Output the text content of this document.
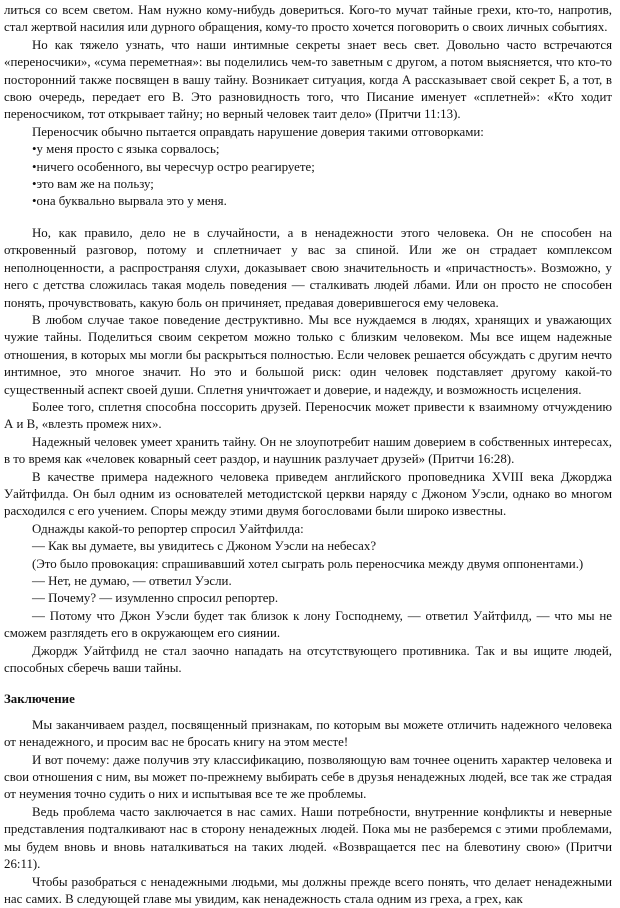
литься со всем светом. Нам нужно кому-нибудь довериться. Кого-то мучат тайные грехи, кто-то, напротив, стал жертвой насилия или дурного обращения, кому-то просто хочется поговорить о своих личных событиях.

Но как тяжело узнать, что наши интимные секреты знает весь свет. Довольно часто встречаются «переносчики», «сума переметная»: вы поделились чем-то заветным с другом, а потом выясняется, что кто-то посторонний также посвящен в вашу тайну. Возникает ситуация, когда А рассказывает свой секрет Б, а тот, в свою очередь, передает его В. Это разновидность того, что Писание именует «сплетней»: «Кто ходит переносчиком, тот открывает тайну; но верный человек таит дело» (Притчи 11:13).

Переносчик обычно пытается оправдать нарушение доверия такими отговорками:

•у меня просто с языка сорвалось;

•ничего особенного, вы чересчур остро реагируете;

•это вам же на пользу;

•она буквально вырвала это у меня.

Но, как правило, дело не в случайности, а в ненадежности этого человека. Он не способен на откровенный разговор, потому и сплетничает у вас за спиной. Или же он страдает комплексом неполноценности, а распространяя слухи, доказывает свою значительность и «причастность». Возможно, у него с детства сложилась такая модель поведения — сталкивать людей лбами. Или он просто не способен понять, прочувствовать, какую боль он причиняет, предавая доверившегося ему человека.

В любом случае такое поведение деструктивно. Мы все нуждаемся в людях, хранящих и уважающих чужие тайны. Поделиться своим секретом можно только с близким человеком. Мы все ищем надежные отношения, в которых мы могли бы раскрыться полностью. Если человек решается обсуждать с другим нечто интимное, это многое значит. Но это и большой риск: один человек подставляет другому какой-то существенный аспект своей души. Сплетня уничтожает и доверие, и надежду, и возможность исцеления.

Более того, сплетня способна поссорить друзей. Переносчик может привести к взаимному отчуждению А и В, «влезть промеж них».

Надежный человек умеет хранить тайну. Он не злоупотребит нашим доверием в собственных интересах, в то время как «человек коварный сеет раздор, и наушник разлучает друзей» (Притчи 16:28).

В качестве примера надежного человека приведем английского проповедника XVIII века Джорджа Уайтфилда. Он был одним из основателей методистской церкви наряду с Джоном Уэсли, однако во многом расходился с его учением. Споры между этими двумя богословами были широко известны.

Однажды какой-то репортер спросил Уайтфилда:

— Как вы думаете, вы увидитесь с Джоном Уэсли на небесах?

(Это было провокация: спрашивавший хотел сыграть роль переносчика между двумя оппонентами.)

— Нет, не думаю, — ответил Уэсли.

— Почему? — изумленно спросил репортер.

— Потому что Джон Уэсли будет так близок к лону Господнему, — ответил Уайтфилд, — что мы не сможем разглядеть его в окружающем его сиянии.

Джордж Уайтфилд не стал заочно нападать на отсутствующего противника. Так и вы ищите людей, способных сберечь ваши тайны.

Заключение

Мы заканчиваем раздел, посвященный признакам, по которым вы можете отличить надежного человека от ненадежного, и просим вас не бросать книгу на этом месте!

И вот почему: даже получив эту классификацию, позволяющую вам точнее оценить характер человека и свои отношения с ним, вы может по-прежнему выбирать себе в друзья ненадежных людей, все так же страдая от неумения точно судить о них и испытывая все те же проблемы.

Ведь проблема часто заключается в нас самих. Наши потребности, внутренние конфликты и неверные представления подталкивают нас в сторону ненадежных людей. Пока мы не разберемся с этими проблемами, мы будем вновь и вновь наталкиваться на таких людей. «Возвращается пес на блевотину свою» (Притчи 26:11).

Чтобы разобраться с ненадежными людьми, мы должны прежде всего понять, что делает ненадежными нас самих. В следующей главе мы увидим, как ненадежность стала одним из греха, а грех, как
